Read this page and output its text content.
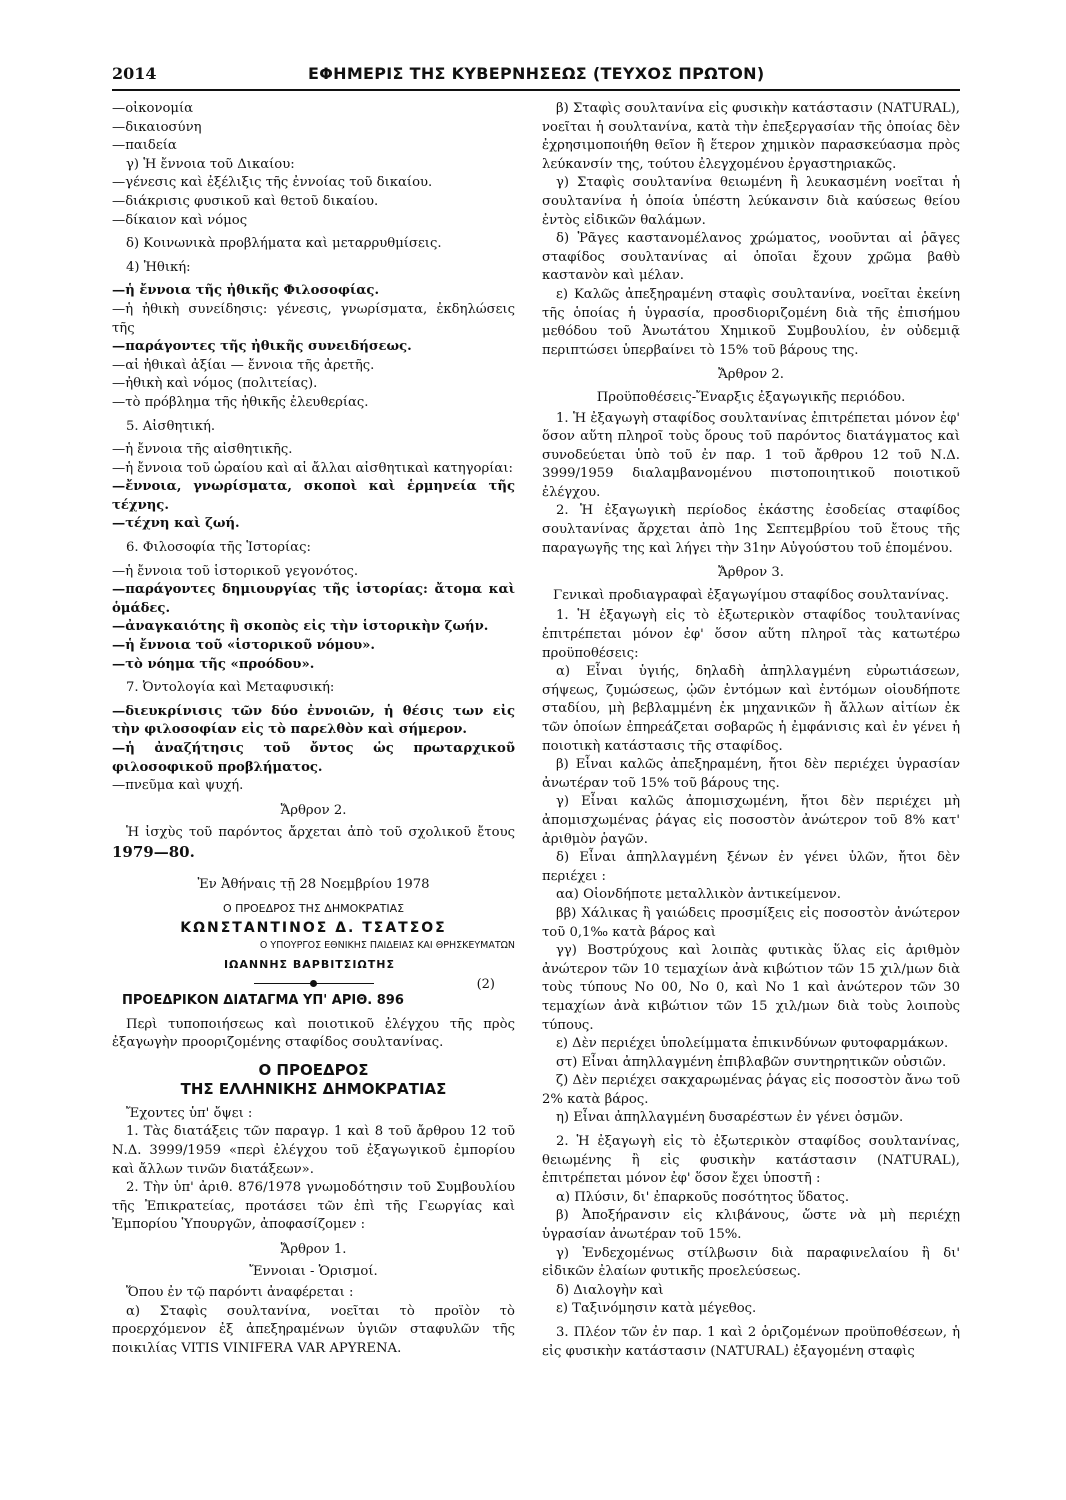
2014	ΕΦΗΜΕΡΙΣ ΤΗΣ ΚΥΒΕΡΝΗΣΕΩΣ (ΤΕΥΧΟΣ ΠΡΩΤΟΝ)

—οἰκονομία

—δικαιοσύνη

—παιδεία

γ) Ἡ ἔννοια τοῦ Δικαίου:

—γένεσις καὶ ἐξέλιξις τῆς ἐννοίας τοῦ δικαίου.

—διάκρισις φυσικοῦ καὶ θετοῦ δικαίου.

—δίκαιον καὶ νόμος

δ) Κοινωνικὰ προβλήματα καὶ μεταρρυθμίσεις.

4) Ἠθική:

—ἡ ἔννοια τῆς ἠθικῆς Φιλοσοφίας.

—ἡ ἠθικὴ συνείδησις: γένεσις, γνωρίσματα, ἐκδηλώσεις τῆς

—παράγοντες τῆς ἠθικῆς συνειδήσεως.

—αἱ ἠθικαὶ ἀξίαι — ἔννοια τῆς ἀρετῆς.

—ἠθικὴ καὶ νόμος (πολιτείας).

—τὸ πρόβλημα τῆς ἠθικῆς ἐλευθερίας.

5. Αἰσθητική.

—ἡ ἔννοια τῆς αἰσθητικῆς.

—ἡ ἔννοια τοῦ ὡραίου καὶ αἱ ἄλλαι αἰσθητικαὶ κατηγορίαι:

—ἔννοια, γνωρίσματα, σκοποὶ καὶ ἑρμηνεία τῆς τέχνης.

—τέχνη καὶ ζωή.

6. Φιλοσοφία τῆς Ἱστορίας:

—ἡ ἔννοια τοῦ ἱστορικοῦ γεγονότος.

—παράγοντες δημιουργίας τῆς ἱστορίας: ἄτομα καὶ ὁμάδες.

—ἀναγκαιότης ἢ σκοπὸς εἰς τὴν ἱστορικὴν ζωήν.

—ἡ ἔννοια τοῦ «ἱστορικοῦ νόμου».

—τὸ νόημα τῆς «προόδου».

7. Ὀντολογία καὶ Μεταφυσική:

—διευκρίνισις τῶν δύο ἐννοιῶν, ἡ θέσις των εἰς τὴν φιλοσοφίαν εἰς τὸ παρελθὸν καὶ σήμερον.

—ἡ ἀναζήτησις τοῦ ὄντος ὡς πρωταρχικοῦ φιλοσοφικοῦ προβλήματος.

—πνεῦμα καὶ ψυχή.

Ἄρθρον 2.

Ἡ ἰσχὺς τοῦ παρόντος ἄρχεται ἀπὸ τοῦ σχολικοῦ ἔτους 1979—80.

Ἐν Ἀθήναις τῇ 28 Νοεμβρίου 1978
Ο ΠΡΟΕΔΡΟΣ ΤΗΣ ΔΗΜΟΚΡΑΤΙΑΣ
ΚΩΝΣΤΑΝΤΙΝΟΣ Δ. ΤΣΑΤΣΟΣ
Ο ΥΠΟΥΡΓΟΣ ΕΘΝΙΚΗΣ ΠΑΙΔΕΙΑΣ ΚΑΙ ΘΡΗΣΚΕΥΜΑΤΩΝ
ΙΩΑΝΝΗΣ ΒΑΡΒΙΤΣΙΩΤΗΣ
(2)
ΠΡΟΕΔΡΙΚΟΝ ΔΙΑΤΑΓΜΑ ΥΠ' ΑΡΙΘ. 896

Περὶ τυποποιήσεως καὶ ποιοτικοῦ ἐλέγχου τῆς πρὸς ἐξαγωγὴν προοριζομένης σταφίδος σουλτανίνας.

Ο ΠΡΟΕΔΡΟΣ
ΤΗΣ ΕΛΛΗΝΙΚΗΣ ΔΗΜΟΚΡΑΤΙΑΣ

Ἔχοντες ὑπ' ὄψει :

1. Τὰς διατάξεις τῶν παραγρ. 1 καὶ 8 τοῦ ἄρθρου 12 τοῦ Ν.Δ. 3999/1959 «περὶ ἐλέγχου τοῦ ἐξαγωγικοῦ ἐμπορίου καὶ ἄλλων τινῶν διατάξεων».

2. Τὴν ὑπ' ἀριθ. 876/1978 γνωμοδότησιν τοῦ Συμβουλίου τῆς Ἐπικρατείας, προτάσει τῶν ἐπὶ τῆς Γεωργίας καὶ Ἐμπορίου Ὑπουργῶν, ἀποφασίζομεν :

Ἄρθρον 1.
Ἔννοιαι - Ὁρισμοί.

Ὅπου ἐν τῷ παρόντι ἀναφέρεται :

α) Σταφὶς σουλτανίνα, νοεῖται τὸ προϊὸν τὸ προερχόμενον ἐξ ἀπεξηραμένων ὑγιῶν σταφυλῶν τῆς ποικιλίας VITIS VINIFERA VAR APYRENA.

β) Σταφὶς σουλτανίνα εἰς φυσικὴν κατάστασιν (NATURAL), νοεῖται ἡ σουλτανίνα, κατὰ τὴν ἐπεξεργασίαν τῆς ὁποίας δὲν ἐχρησιμοποιήθη θεῖον ἢ ἕτερον χημικὸν παρασκεύασμα πρὸς λεύκανσίν της, τούτου ἐλεγχομένου ἐργαστηριακῶς.

γ) Σταφὶς σουλτανίνα θειωμένη ἢ λευκασμένη νοεῖται ἡ σουλτανίνα ἡ ὁποία ὑπέστη λεύκανσιν διὰ καύσεως θείου ἐντὸς εἰδικῶν θαλάμων.

δ) Ῥᾶγες καστανομέλανος χρώματος, νοοῦνται αἱ ῥᾶγες σταφίδος σουλτανίνας αἱ ὁποῖαι ἔχουν χρῶμα βαθὺ καστανὸν καὶ μέλαν.

ε) Καλῶς ἀπεξηραμένη σταφὶς σουλτανίνα, νοεῖται ἐκείνη τῆς ὁποίας ἡ ὑγρασία, προσδιοριζομένη διὰ τῆς ἐπισήμου μεθόδου τοῦ Ἀνωτάτου Χημικοῦ Συμβουλίου, ἐν οὐδεμιᾷ περιπτώσει ὑπερβαίνει τὸ 15% τοῦ βάρους της.

Ἄρθρον 2.
Προϋποθέσεις-Ἔναρξις ἐξαγωγικῆς περιόδου.

1. Ἡ ἐξαγωγὴ σταφίδος σουλτανίνας ἐπιτρέπεται μόνον ἐφ' ὅσον αὕτη πληροῖ τοὺς ὅρους τοῦ παρόντος διατάγματος καὶ συνοδεύεται ὑπὸ τοῦ ἐν παρ. 1 τοῦ ἄρθρου 12 τοῦ Ν.Δ. 3999/1959 διαλαμβανομένου πιστοποιητικοῦ ποιοτικοῦ ἐλέγχου.

2. Ἡ ἐξαγωγικὴ περίοδος ἑκάστης ἐσοδείας σταφίδος σουλτανίνας ἄρχεται ἀπὸ 1ης Σεπτεμβρίου τοῦ ἔτους τῆς παραγωγῆς της καὶ λήγει τὴν 31ην Αὐγούστου τοῦ ἑπομένου.

Ἄρθρον 3.
Γενικαὶ προδιαγραφαὶ ἐξαγωγίμου σταφίδος σουλτανίνας.

1. Ἡ ἐξαγωγὴ εἰς τὸ ἐξωτερικὸν σταφίδος τουλτανίνας ἐπιτρέπεται μόνον ἐφ' ὅσον αὕτη πληροῖ τὰς κατωτέρω προϋποθέσεις:

α) Εἶναι ὑγιής, δηλαδὴ ἀπηλλαγμένη εὐρωτιάσεων, σήψεως, ζυμώσεως, ᾠῶν ἐντόμων καὶ ἐντόμων οἱουδήποτε σταδίου, μὴ βεβλαμμένη ἐκ μηχανικῶν ἢ ἄλλων αἰτίων ἐκ τῶν ὁποίων ἐπηρεάζεται σοβαρῶς ἡ ἐμφάνισις καὶ ἐν γένει ἡ ποιοτικὴ κατάστασις τῆς σταφίδος.

β) Εἶναι καλῶς ἀπεξηραμένη, ἤτοι δὲν περιέχει ὑγρασίαν ἀνωτέραν τοῦ 15% τοῦ βάρους της.

γ) Εἶναι καλῶς ἀπομισχωμένη, ἤτοι δὲν περιέχει μὴ ἀπομισχωμένας ῥάγας εἰς ποσοστὸν ἀνώτερον τοῦ 8% κατ' ἀριθμὸν ῥαγῶν.

δ) Εἶναι ἀπηλλαγμένη ξένων ἐν γένει ὑλῶν, ἤτοι δὲν περιέχει :

αα) Οἱονδήποτε μεταλλικὸν ἀντικείμενον.

ββ) Χάλικας ἢ γαιώδεις προσμίξεις εἰς ποσοστὸν ἀνώτερον τοῦ 0,1‰ κατὰ βάρος καὶ

γγ) Βοστρύχους καὶ λοιπὰς φυτικὰς ὕλας εἰς ἀριθμὸν ἀνώτερον τῶν 10 τεμαχίων ἀνὰ κιβώτιον τῶν 15 χιλ/μων διὰ τοὺς τύπους Νο 00, Νο 0, καὶ Νο 1 καὶ ἀνώτερον τῶν 30 τεμαχίων ἀνὰ κιβώτιον τῶν 15 χιλ/μων διὰ τοὺς λοιποὺς τύπους.

ε) Δὲν περιέχει ὑπολείμματα ἐπικινδύνων φυτοφαρμάκων.

στ) Εἶναι ἀπηλλαγμένη ἐπιβλαβῶν συντηρητικῶν οὐσιῶν.

ζ) Δὲν περιέχει σακχαρωμένας ῥάγας εἰς ποσοστὸν ἄνω τοῦ 2% κατὰ βάρος.

η) Εἶναι ἀπηλλαγμένη δυσαρέστων ἐν γένει ὀσμῶν.

2. Ἡ ἐξαγωγὴ εἰς τὸ ἐξωτερικὸν σταφίδος σουλτανίνας, θειωμένης ἢ εἰς φυσικὴν κατάστασιν (NATURAL), ἐπιτρέπεται μόνον ἐφ' ὅσον ἔχει ὑποστῆ :

α) Πλύσιν, δι' ἐπαρκοῦς ποσότητος ὕδατος.

β) Ἀποξήρανσιν εἰς κλιβάνους, ὥστε νὰ μὴ περιέχῃ ὑγρασίαν ἀνωτέραν τοῦ 15%.

γ) Ἐνδεχομένως στίλβωσιν διὰ παραφινελαίου ἢ δι' εἰδικῶν ἐλαίων φυτικῆς προελεύσεως.

δ) Διαλογὴν καὶ

ε) Ταξινόμησιν κατὰ μέγεθος.

3. Πλέον τῶν ἐν παρ. 1 καὶ 2 ὁριζομένων προϋποθέσεων, ἡ εἰς φυσικὴν κατάστασιν (NATURAL) ἐξαγομένη σταφὶς
